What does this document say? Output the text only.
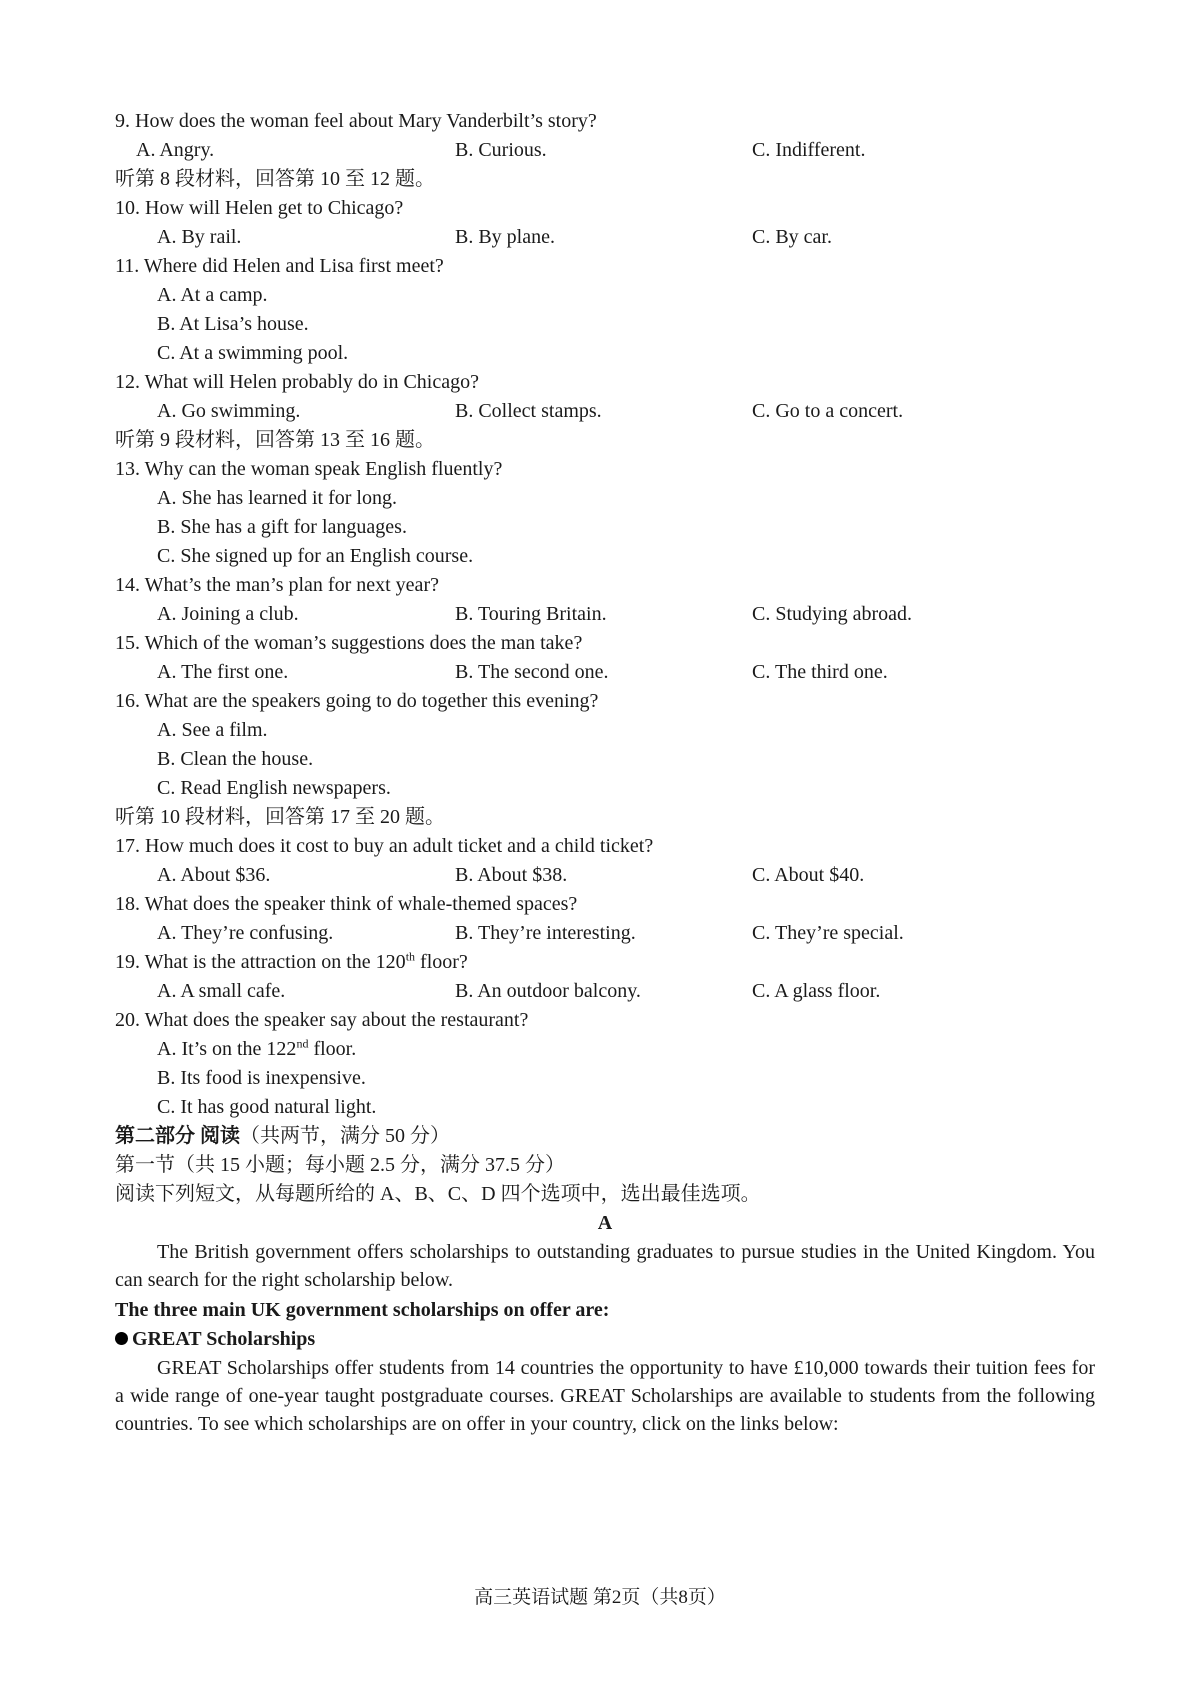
9. How does the woman feel about Mary Vanderbilt’s story?
A. Angry.	B. Curious.	C. Indifferent.
听第 8 段材料，回答第 10 至 12 题。
10. How will Helen get to Chicago?
A. By rail.	B. By plane.	C. By car.
11. Where did Helen and Lisa first meet?
A. At a camp.
B. At Lisa’s house.
C. At a swimming pool.
12. What will Helen probably do in Chicago?
A. Go swimming.	B. Collect stamps.	C. Go to a concert.
听第 9 段材料，回答第 13 至 16 题。
13. Why can the woman speak English fluently?
A. She has learned it for long.
B. She has a gift for languages.
C. She signed up for an English course.
14. What’s the man’s plan for next year?
A. Joining a club.	B. Touring Britain.	C. Studying abroad.
15. Which of the woman’s suggestions does the man take?
A. The first one.	B. The second one.	C. The third one.
16. What are the speakers going to do together this evening?
A. See a film.
B. Clean the house.
C. Read English newspapers.
听第 10 段材料，回答第 17 至 20 题。
17. How much does it cost to buy an adult ticket and a child ticket?
A. About $36.	B. About $38.	C. About $40.
18. What does the speaker think of whale-themed spaces?
A. They’re confusing.	B. They’re interesting.	C. They’re special.
19. What is the attraction on the 120th floor?
A. A small cafe.	B. An outdoor balcony.	C. A glass floor.
20. What does the speaker say about the restaurant?
A. It’s on the 122nd floor.
B. Its food is inexpensive.
C. It has good natural light.
第二部分 阅读（共两节，满分 50 分）
第一节（共 15 小题；每小题 2.5 分，满分 37.5 分）
阅读下列短文，从每题所给的 A、B、C、D 四个选项中，选出最佳选项。
A
The British government offers scholarships to outstanding graduates to pursue studies in the United Kingdom. You can search for the right scholarship below.
The three main UK government scholarships on offer are:
GREAT Scholarships
GREAT Scholarships offer students from 14 countries the opportunity to have £10,000 towards their tuition fees for a wide range of one-year taught postgraduate courses. GREAT Scholarships are available to students from the following countries. To see which scholarships are on offer in your country, click on the links below:
高三英语试题 第2页（共8页）
